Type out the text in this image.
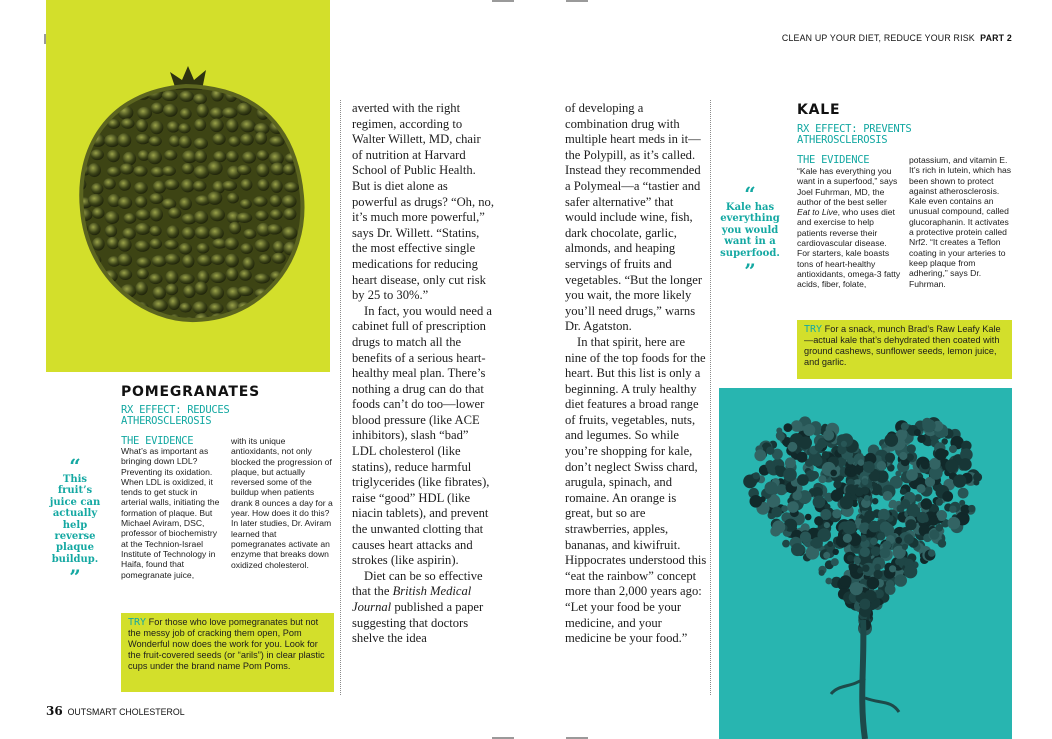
CLEAN UP YOUR DIET, REDUCE YOUR RISK PART 2
POMEGRANATES
RX EFFECT: REDUCES ATHEROSCLEROSIS
THE EVIDENCE
What’s as important as bringing down LDL? Preventing its oxidation. When LDL is oxidized, it tends to get stuck in arterial walls, initiating the formation of plaque. But Michael Aviram, DSC, professor of biochemistry at the Technion-Israel Institute of Technology in Haifa, found that pomegranate juice,
with its unique antioxidants, not only blocked the progression of plaque, but actually reversed some of the buildup when patients drank 8 ounces a day for a year. How does it do this? In later studies, Dr. Aviram learned that pomegranates activate an enzyme that breaks down oxidized cholesterol.
“
This fruit’s juice can actually help reverse plaque buildup.
”
TRY For those who love pomegranates but not the messy job of cracking them open, Pom Wonderful now does the work for you. Look for the fruit-covered seeds (or “arils”) in clear plastic cups under the brand name Pom Poms.
36 OUTSMART CHOLESTEROL

averted with the right regimen, according to Walter Willett, MD, chair of nutrition at Harvard School of Public Health. But is diet alone as powerful as drugs? “Oh, no, it’s much more powerful,” says Dr. Willett. “Statins, the most effective single medications for reducing heart disease, only cut risk by 25 to 30%.”

In fact, you would need a cabinet full of prescription drugs to match all the benefits of a serious heart-healthy meal plan. There’s nothing a drug can do that foods can’t do too—lower blood pressure (like ACE inhibitors), slash “bad” LDL cholesterol (like statins), reduce harmful triglycerides (like fibrates), raise “good” HDL (like niacin tablets), and prevent the unwanted clotting that causes heart attacks and strokes (like aspirin).

Diet can be so effective that the British Medical Journal published a paper suggesting that doctors shelve the idea

of developing a combination drug with multiple heart meds in it—the Polypill, as it’s called. Instead they recommended a Polymeal—a “tastier and safer alternative” that would include wine, fish, dark chocolate, garlic, almonds, and heaping servings of fruits and vegetables. “But the longer you wait, the more likely you’ll need drugs,” warns Dr. Agatston.

In that spirit, here are nine of the top foods for the heart. But this list is only a beginning. A truly healthy diet features a broad range of fruits, vegetables, nuts, and legumes. So while you’re shopping for kale, don’t neglect Swiss chard, arugula, spinach, and romaine. An orange is great, but so are strawberries, apples, bananas, and kiwifruit. Hippocrates understood this “eat the rainbow” concept more than 2,000 years ago: “Let your food be your medicine, and your medicine be your food.”

KALE
RX EFFECT: PREVENTS ATHEROSCLEROSIS
THE EVIDENCE
“Kale has everything you want in a superfood,” says Joel Fuhrman, MD, the author of the best seller Eat to Live, who uses diet and exercise to help patients reverse their cardiovascular disease. For starters, kale boasts tons of heart-healthy antioxidants, omega-3 fatty acids, fiber, folate,
potassium, and vitamin E. It’s rich in lutein, which has been shown to protect against atherosclerosis. Kale even contains an unusual compound, called glucoraphanin. It activates a protective protein called Nrf2. “It creates a Teflon coating in your arteries to keep plaque from adhering,” says Dr. Fuhrman.
“
Kale has everything you would want in a superfood.
”
TRY For a snack, munch Brad’s Raw Leafy Kale—actual kale that’s dehydrated then coated with ground cashews, sunflower seeds, lemon juice, and garlic.
